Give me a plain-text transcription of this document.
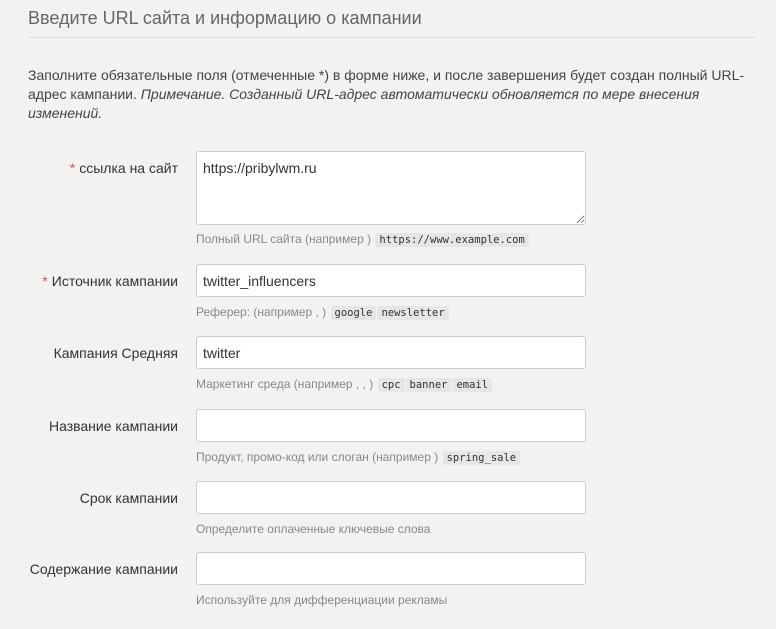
Введите URL сайта и информацию о кампании
Заполните обязательные поля (отмеченные *) в форме ниже, и после завершения будет создан полный URL-адрес кампании. Примечание. Созданный URL-адрес автоматически обновляется по мере внесения изменений.
* ссылка на сайт
https://pribylwm.ru
Полный URL сайта (например ) https://www.example.com
* Источник кампании
twitter_influencers
Реферер: (например , ) google newsletter
Кампания Средняя
twitter
Маркетинг среда (например , , ) cpc banner email
Название кампании
Продукт, промо-код или слоган (например ) spring_sale
Срок кампании
Определите оплаченные ключевые слова
Содержание кампании
Используйте для дифференциации рекламы
